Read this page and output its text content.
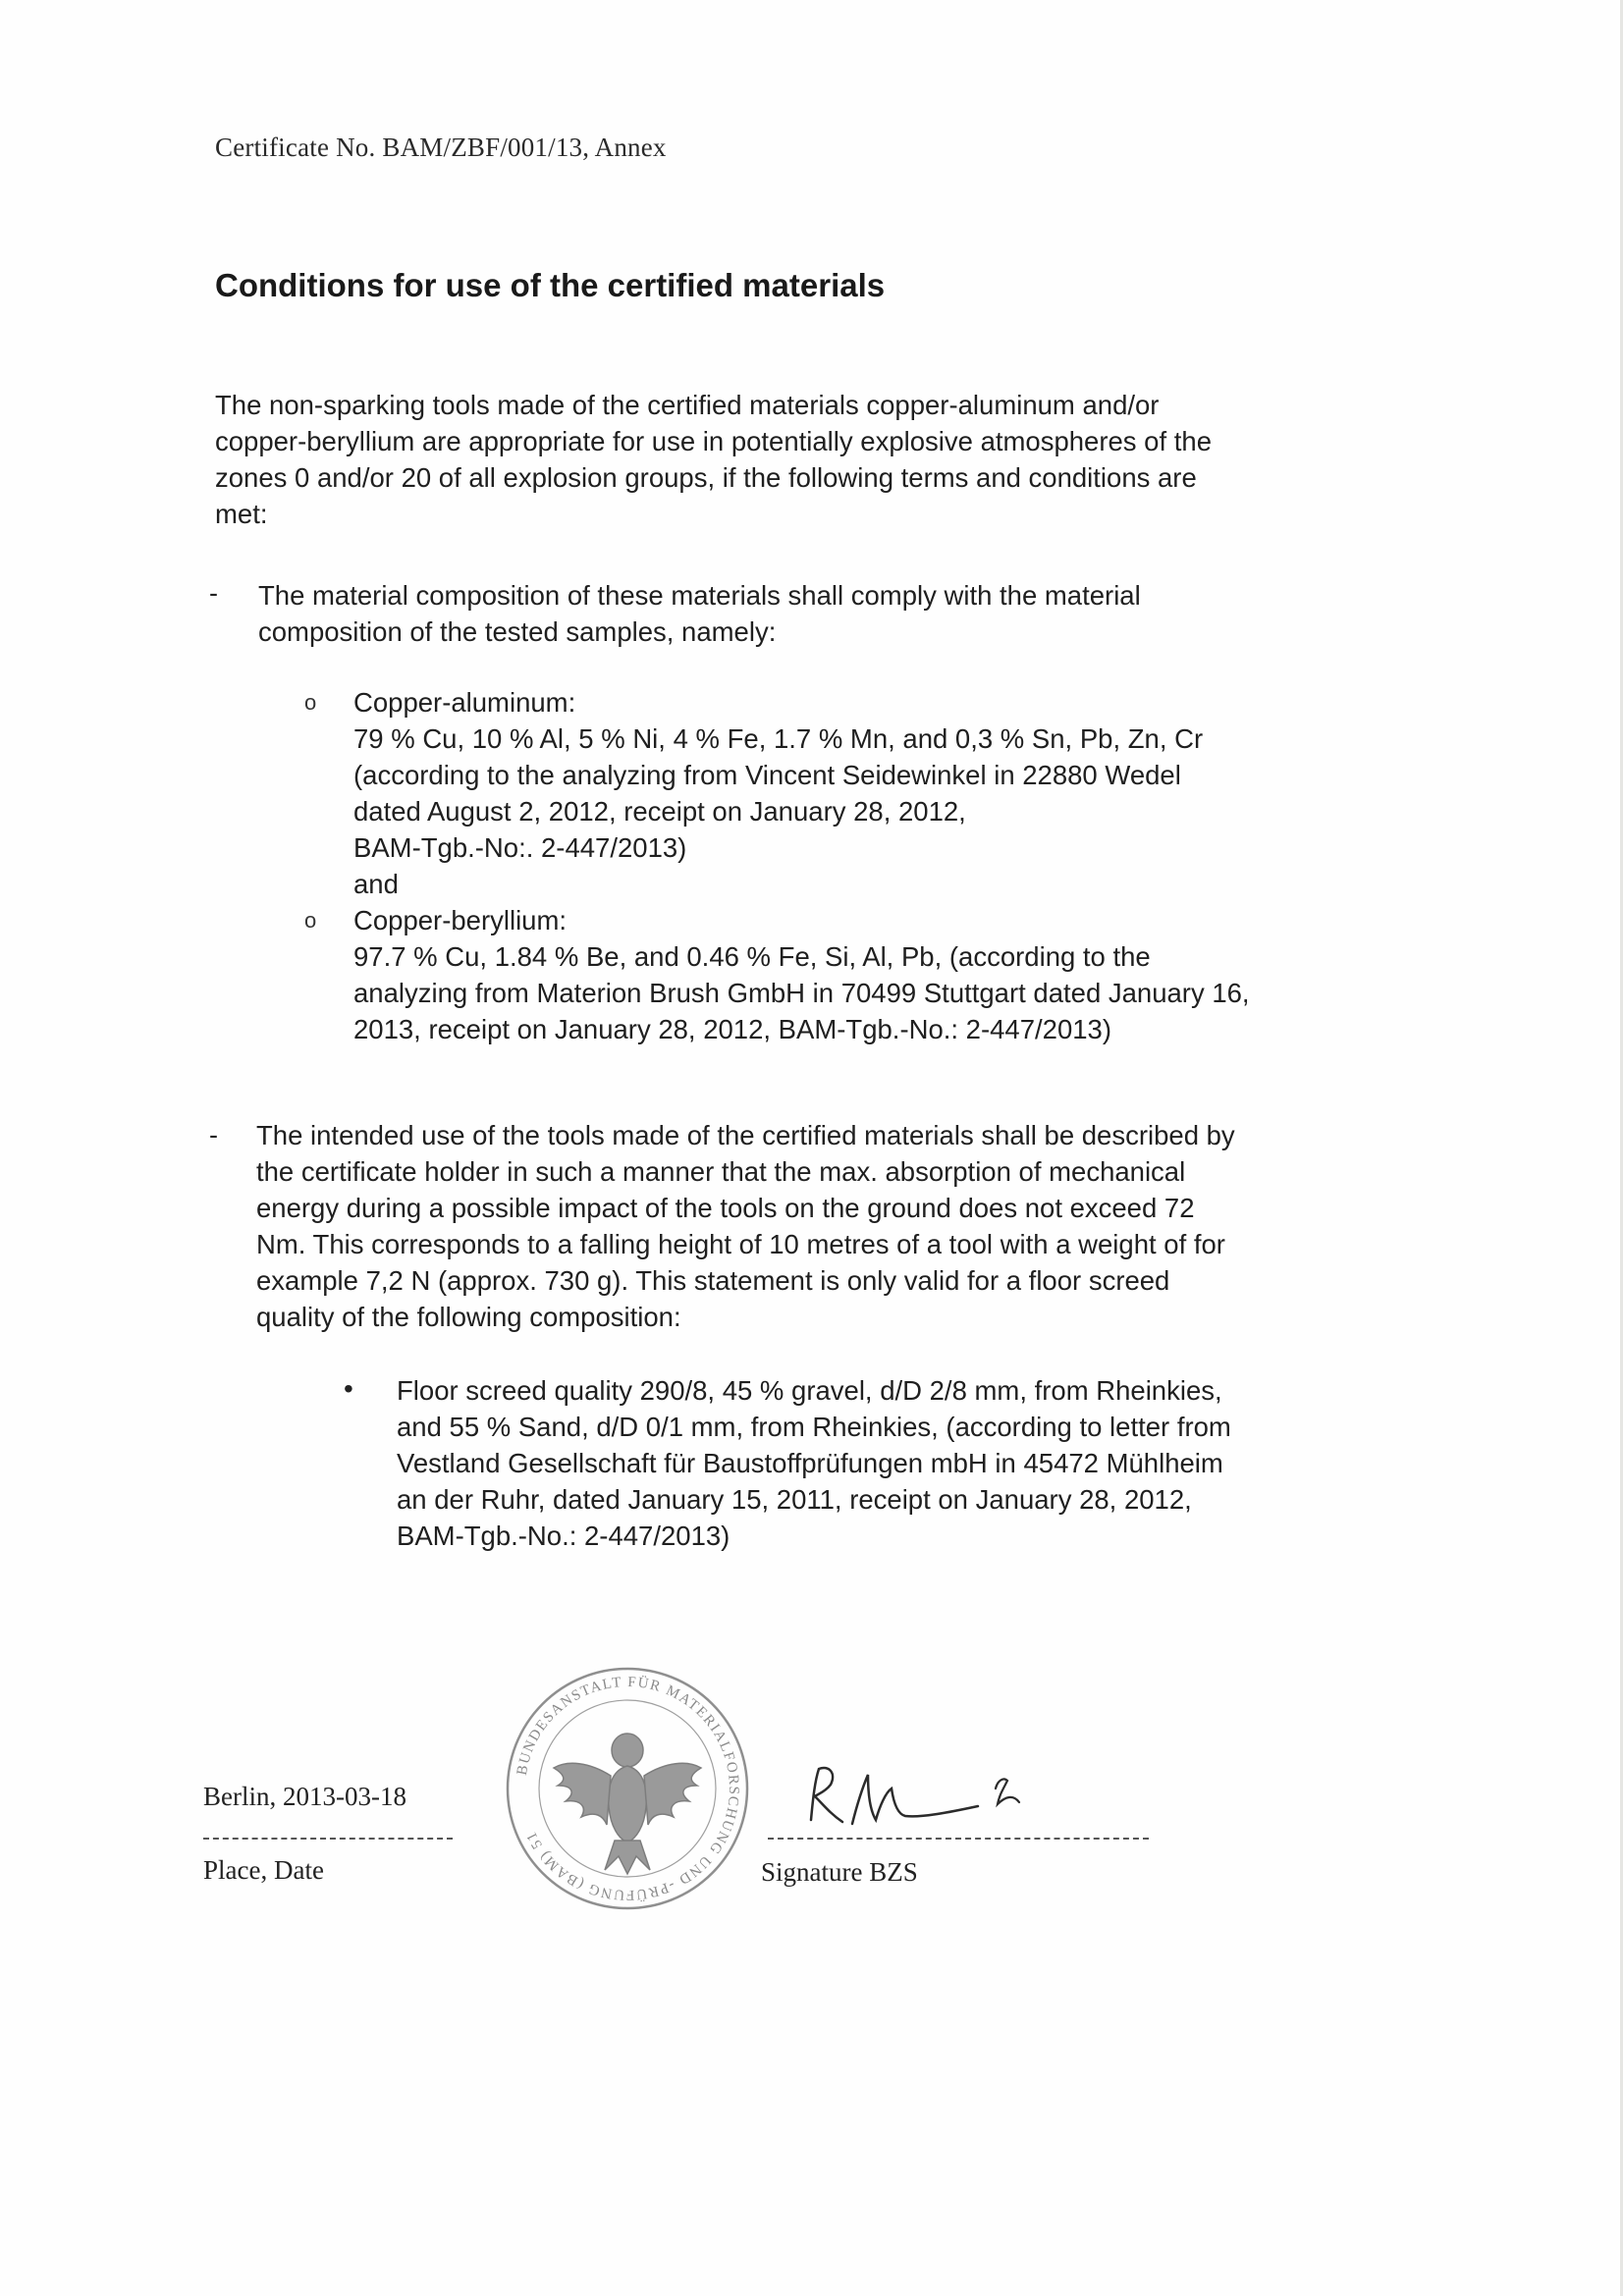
Certificate No. BAM/ZBF/001/13, Annex
Conditions for use of the certified materials
The non-sparking tools made of the certified materials copper-aluminum and/or
copper-beryllium are appropriate for use in potentially explosive atmospheres of the
zones 0 and/or 20 of all explosion groups, if the following terms and conditions are
met:
- The material composition of these materials shall comply with the material
composition of the tested samples, namely:
o Copper-aluminum:
79 % Cu, 10 % Al, 5 % Ni, 4 % Fe, 1.7 % Mn, and 0,3 % Sn, Pb, Zn, Cr
(according to the analyzing from Vincent Seidewinkel in 22880 Wedel
dated August 2, 2012, receipt on January 28, 2012,
BAM-Tgb.-No:. 2-447/2013)
and
o Copper-beryllium:
97.7 % Cu, 1.84 % Be, and 0.46 % Fe, Si, Al, Pb, (according to the
analyzing from Materion Brush GmbH in 70499 Stuttgart dated January 16,
2013, receipt on January 28, 2012, BAM-Tgb.-No.: 2-447/2013)
- The intended use of the tools made of the certified materials shall be described by
the certificate holder in such a manner that the max. absorption of mechanical
energy during a possible impact of the tools on the ground does not exceed 72
Nm. This corresponds to a falling height of 10 metres of a tool with a weight of for
example 7,2 N (approx. 730 g). This statement is only valid for a floor screed
quality of the following composition:
• Floor screed quality 290/8, 45 % gravel, d/D 2/8 mm, from Rheinkies,
and 55 % Sand, d/D 0/1 mm, from Rheinkies, (according to letter from
Vestland Gesellschaft für Baustoffprüfungen mbH in 45472 Mühlheim
an der Ruhr, dated January 15, 2011, receipt on January 28, 2012,
BAM-Tgb.-No.: 2-447/2013)
Berlin, 2013-03-18
Place, Date
BUNDESANSTALT FÜR MATERIALFORSCHUNG UND -PRÜFUNG (BAM) 51
Signature BZS
